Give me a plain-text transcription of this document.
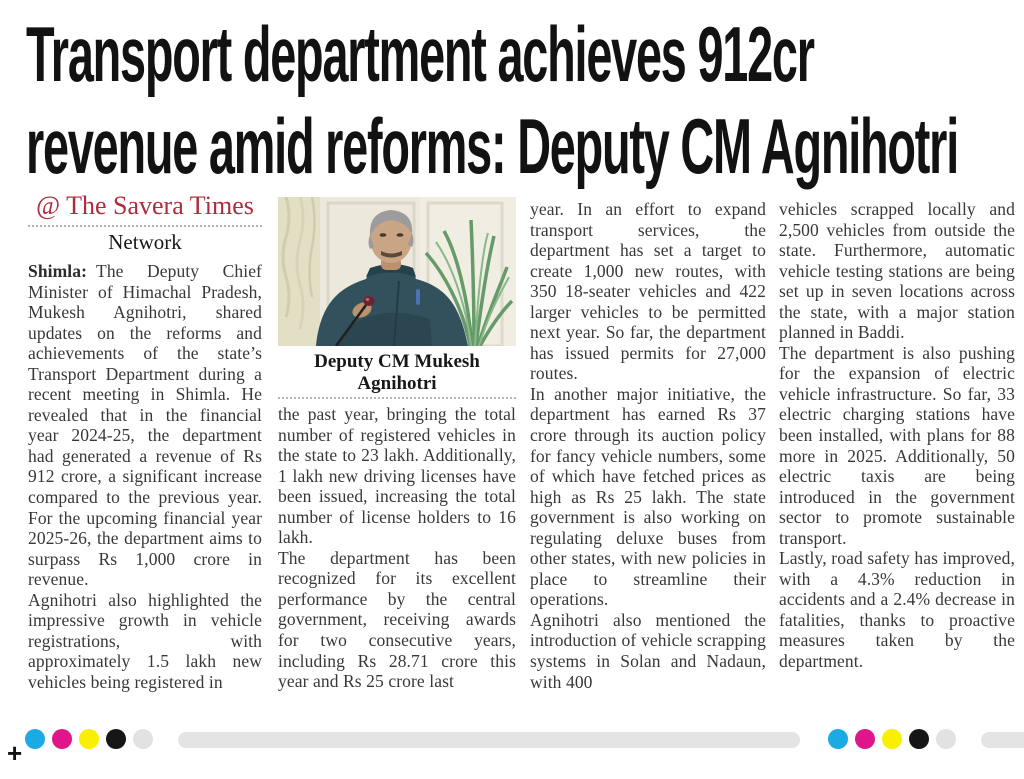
Transport department achieves 912cr
revenue amid reforms: Deputy CM Agnihotri
@ The Savera Times
Network

Shimla: The Deputy Chief Minister of Himachal Pradesh, Mukesh Agnihotri, shared updates on the reforms and achievements of the state’s Transport Department during a recent meeting in Shimla. He revealed that in the financial year 2024-25, the department had generated a revenue of Rs 912 crore, a significant increase compared to the previous year. For the upcoming financial year 2025-26, the department aims to surpass Rs 1,000 crore in revenue.

Agnihotri also highlighted the impressive growth in vehicle registrations, with approximately 1.5 lakh new vehicles being registered in

Deputy CM Mukesh Agnihotri

the past year, bringing the total number of registered vehicles in the state to 23 lakh. Additionally, 1 lakh new driving licenses have been issued, increasing the total number of license holders to 16 lakh.

The department has been recognized for its excellent performance by the central government, receiving awards for two consecutive years, including Rs 28.71 crore this year and Rs 25 crore last

year. In an effort to expand transport services, the department has set a target to create 1,000 new routes, with 350 18-seater vehicles and 422 larger vehicles to be permitted next year. So far, the department has issued permits for 27,000 routes.

In another major initiative, the department has earned Rs 37 crore through its auction policy for fancy vehicle numbers, some of which have fetched prices as high as Rs 25 lakh. The state government is also working on regulating deluxe buses from other states, with new policies in place to streamline their operations.

Agnihotri also mentioned the introduction of vehicle scrapping systems in Solan and Nadaun, with 400

vehicles scrapped locally and 2,500 vehicles from outside the state. Furthermore, automatic vehicle testing stations are being set up in seven locations across the state, with a major station planned in Baddi.

The department is also pushing for the expansion of electric vehicle infrastructure. So far, 33 electric charging stations have been installed, with plans for 88 more in 2025. Additionally, 50 electric taxis are being introduced in the government sector to promote sustainable transport.

Lastly, road safety has improved, with a 4.3% reduction in accidents and a 2.4% decrease in fatalities, thanks to proactive measures taken by the department.

+
